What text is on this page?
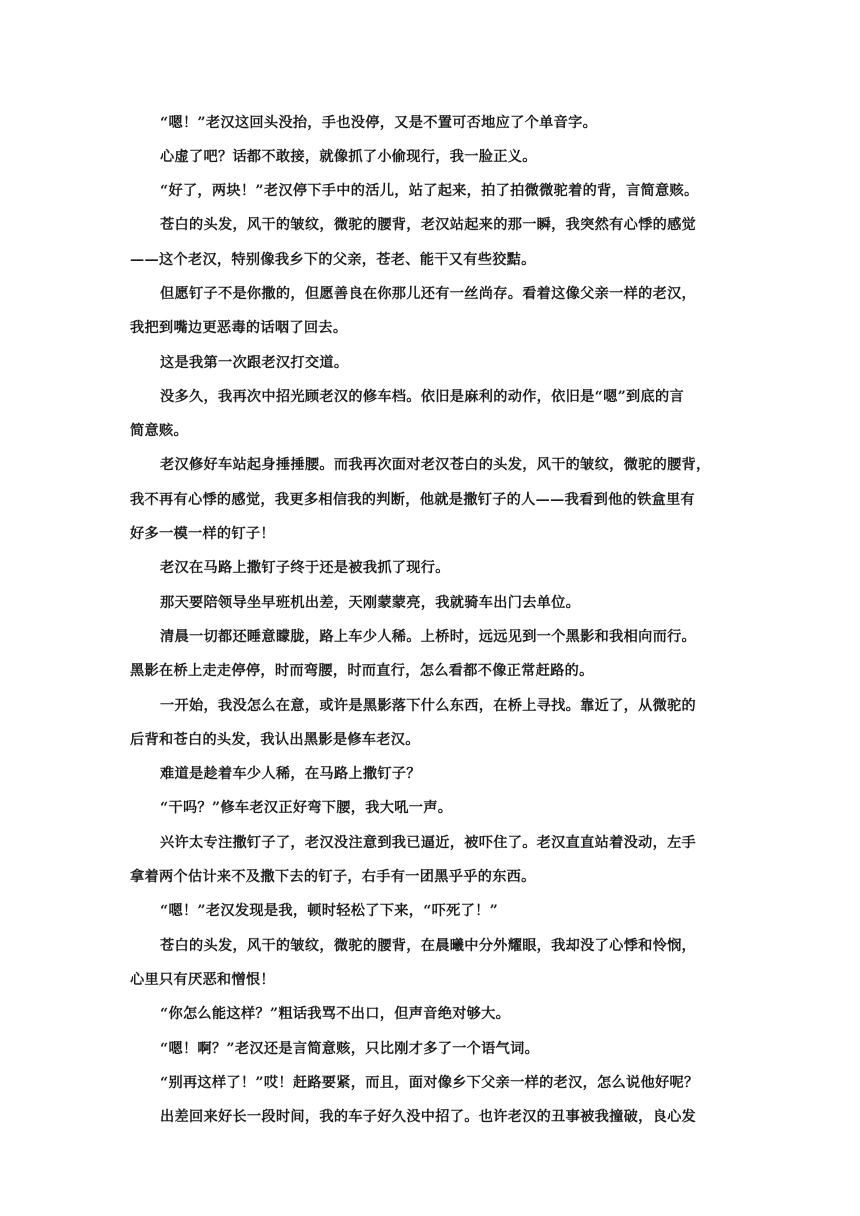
“嗯！”老汉这回头没抬，手也没停，又是不置可否地应了个单音字。
心虚了吧？话都不敢接，就像抓了小偷现行，我一脸正义。
“好了，两块！”老汉停下手中的活儿，站了起来，拍了拍微微驼着的背，言简意赅。
苍白的头发，风干的皱纹，微驼的腰背，老汉站起来的那一瞬，我突然有心悸的感觉
——这个老汉，特别像我乡下的父亲，苍老、能干又有些狡黠。
但愿钉子不是你撒的，但愿善良在你那儿还有一丝尚存。看着这像父亲一样的老汉，
我把到嘴边更恶毒的话咽了回去。
这是我第一次跟老汉打交道。
没多久，我再次中招光顾老汉的修车档。依旧是麻利的动作，依旧是“嗯”到底的言
简意赅。
老汉修好车站起身捶捶腰。而我再次面对老汉苍白的头发，风干的皱纹，微驼的腰背，
我不再有心悸的感觉，我更多相信我的判断，他就是撒钉子的人——我看到他的铁盒里有
好多一模一样的钉子！
老汉在马路上撒钉子终于还是被我抓了现行。
那天要陪领导坐早班机出差，天刚蒙蒙亮，我就骑车出门去单位。
清晨一切都还睡意矇胧，路上车少人稀。上桥时，远远见到一个黑影和我相向而行。
黑影在桥上走走停停，时而弯腰，时而直行，怎么看都不像正常赶路的。
一开始，我没怎么在意，或许是黑影落下什么东西，在桥上寻找。靠近了，从微驼的
后背和苍白的头发，我认出黑影是修车老汉。
难道是趁着车少人稀，在马路上撒钉子？
“干吗？”修车老汉正好弯下腰，我大吼一声。
兴许太专注撒钉子了，老汉没注意到我已逼近，被吓住了。老汉直直站着没动，左手
拿着两个估计来不及撒下去的钉子，右手有一团黑乎乎的东西。
“嗯！”老汉发现是我，顿时轻松了下来，“吓死了！”
苍白的头发，风干的皱纹，微驼的腰背，在晨曦中分外耀眼，我却没了心悸和怜悯，
心里只有厌恶和憎恨！
“你怎么能这样？”粗话我骂不出口，但声音绝对够大。
“嗯！啊？”老汉还是言简意赅，只比刚才多了一个语气词。
“别再这样了！”哎！赶路要紧，而且，面对像乡下父亲一样的老汉，怎么说他好呢？
出差回来好长一段时间，我的车子好久没中招了。也许老汉的丑事被我撞破，良心发
